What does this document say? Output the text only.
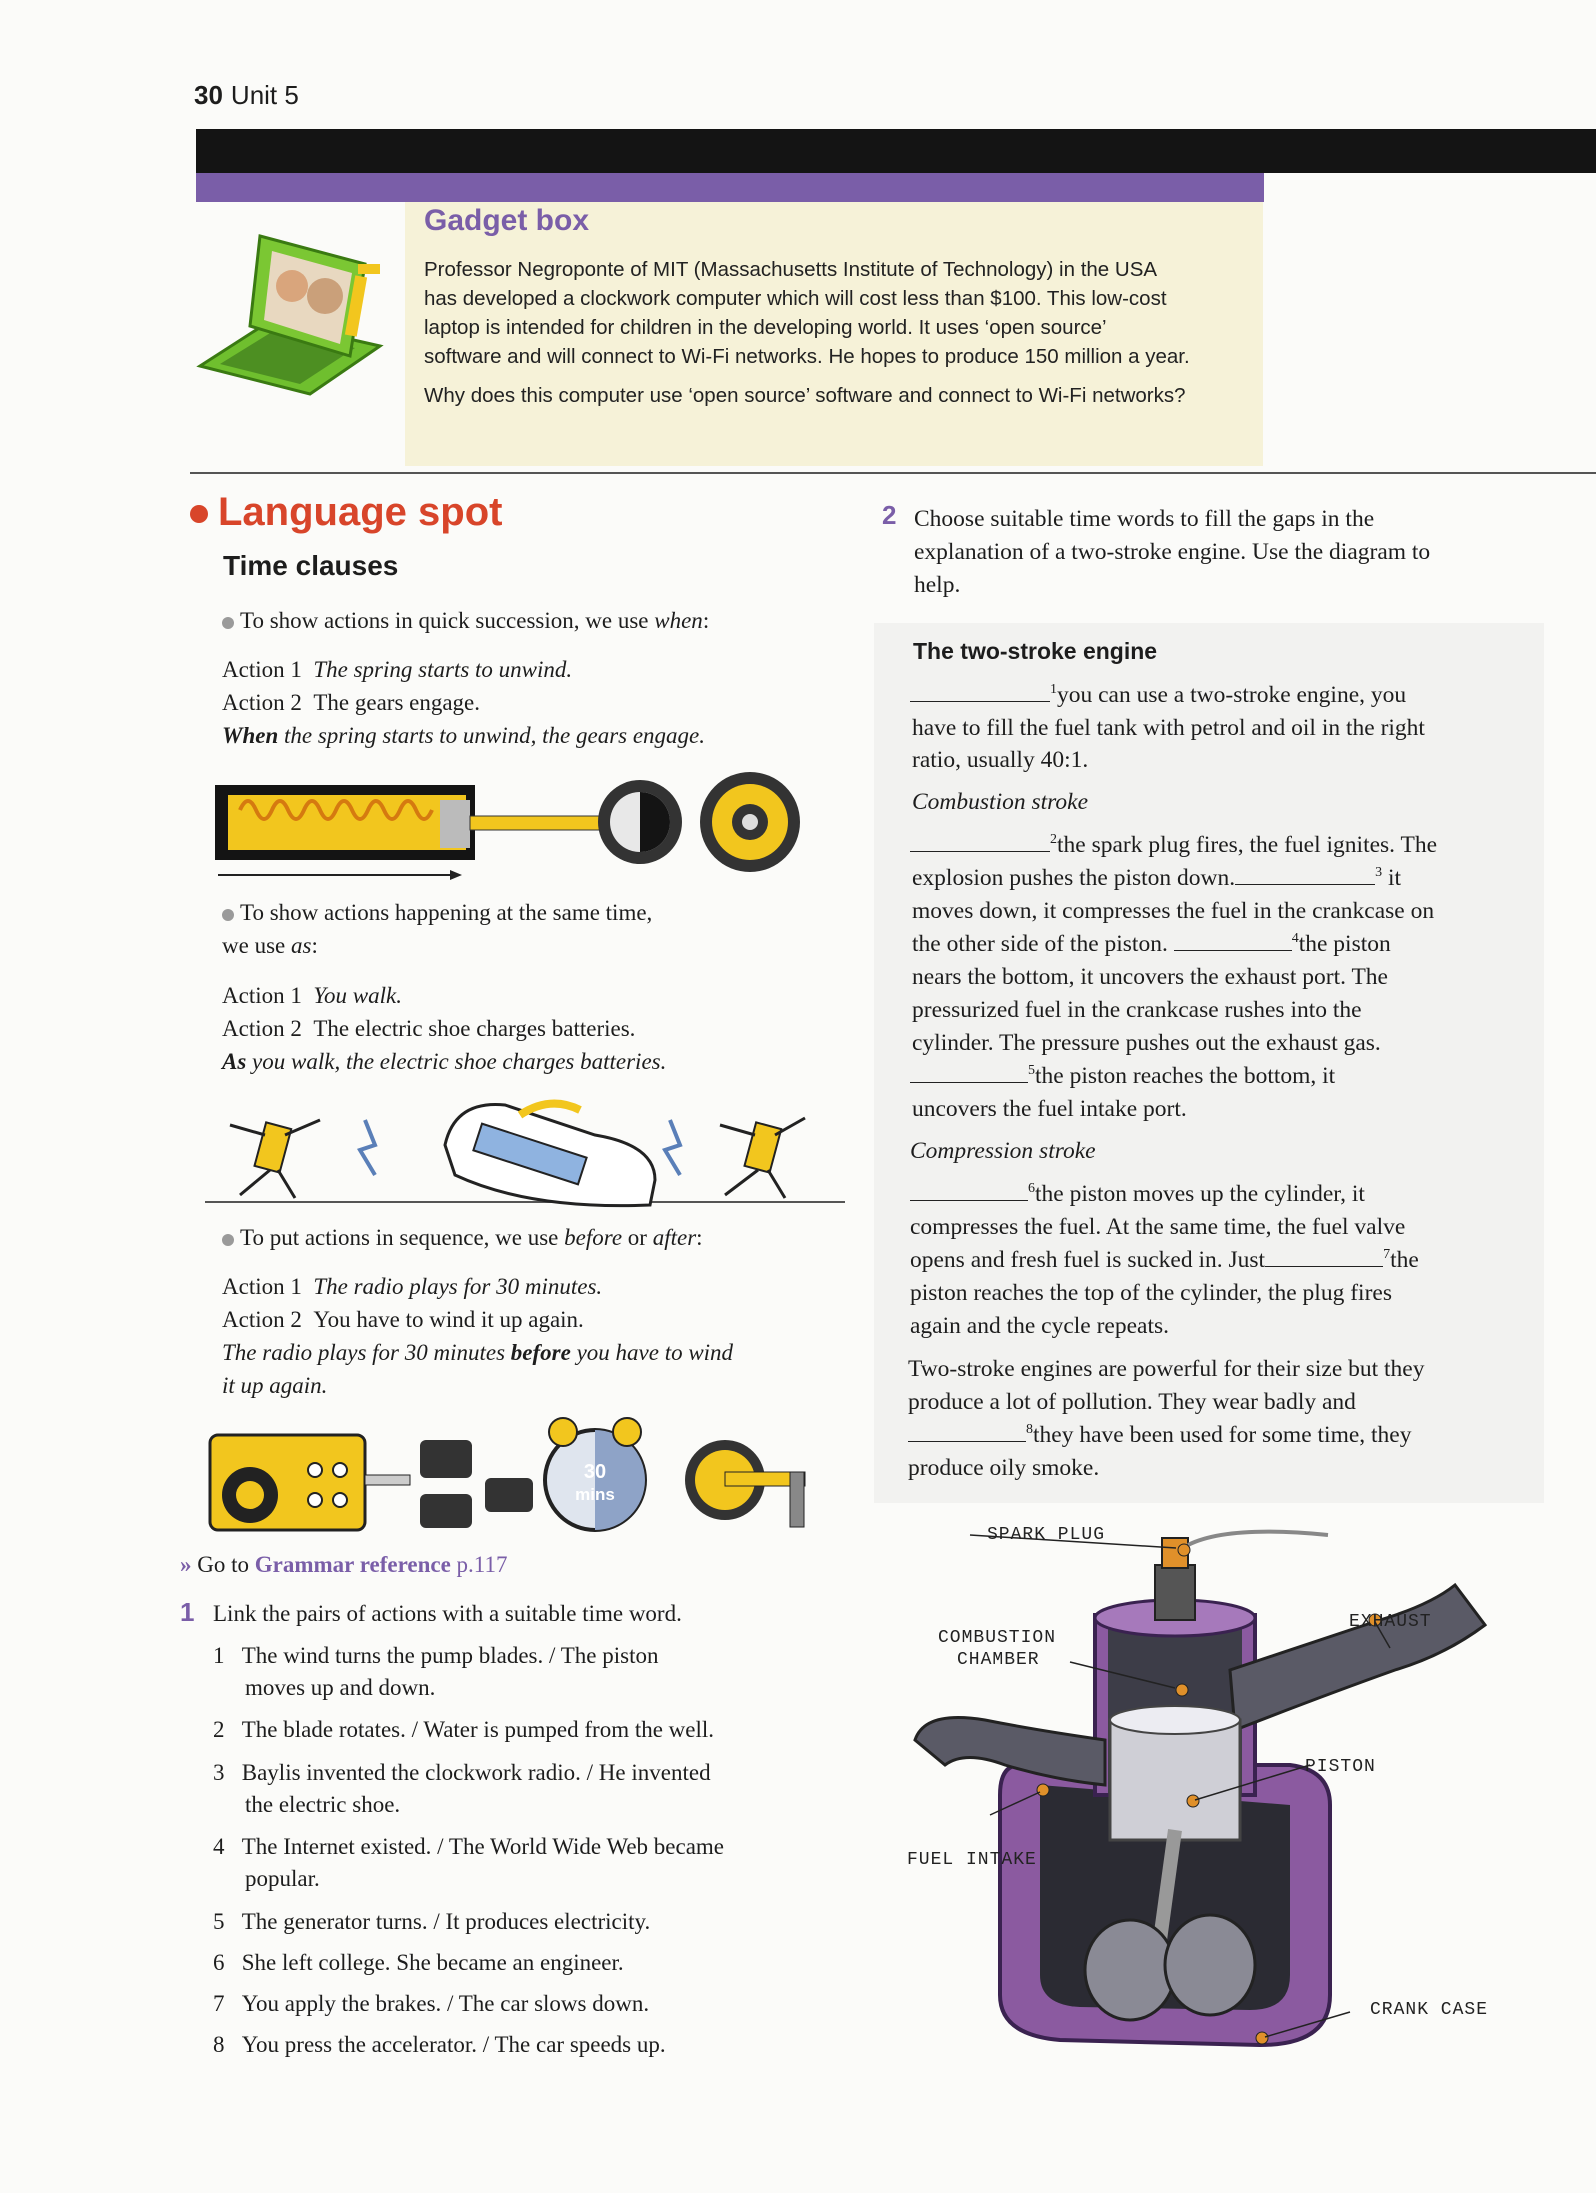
30 Unit 5
Gadget box
Professor Negroponte of MIT (Massachusetts Institute of Technology) in the USA
has developed a clockwork computer which will cost less than $100. This low-cost
laptop is intended for children in the developing world. It uses ‘open source’
software and will connect to Wi-Fi networks. He hopes to produce 150 million a year.
Why does this computer use ‘open source’ software and connect to Wi-Fi networks?
Language spot
Time clauses
To show actions in quick succession, we use when:
Action 1 The spring starts to unwind.
Action 2 The gears engage.
When the spring starts to unwind, the gears engage.
To show actions happening at the same time,
we use as:
Action 1 You walk.
Action 2 The electric shoe charges batteries.
As you walk, the electric shoe charges batteries.
To put actions in sequence, we use before or after:
Action 1 The radio plays for 30 minutes.
Action 2 You have to wind it up again.
The radio plays for 30 minutes before you have to wind
it up again.
30
mins
» Go to Grammar reference p.117
1 Link the pairs of actions with a suitable time word.
1 The wind turns the pump blades. / The piston
moves up and down.
2 The blade rotates. / Water is pumped from the well.
3 Baylis invented the clockwork radio. / He invented
the electric shoe.
4 The Internet existed. / The World Wide Web became
popular.
5 The generator turns. / It produces electricity.
6 She left college. She became an engineer.
7 You apply the brakes. / The car slows down.
8 You press the accelerator. / The car speeds up.
2 Choose suitable time words to fill the gaps in the
explanation of a two-stroke engine. Use the diagram to
help.
The two-stroke engine
$^1$you can use a two-stroke engine, you
have to fill the fuel tank with petrol and oil in the right
ratio, usually 40:1.
Combustion stroke
$^2$the spark plug fires, the fuel ignites. The
explosion pushes the piston down.	$^3$ it
moves down, it compresses the fuel in the crankcase on
the other side of the piston.	$^4$the piston
nears the bottom, it uncovers the exhaust port. The
pressurized fuel in the crankcase rushes into the
cylinder. The pressure pushes out the exhaust gas.
$^5$the piston reaches the bottom, it
uncovers the fuel intake port.
Compression stroke
$^6$the piston moves up the cylinder, it
compresses the fuel. At the same time, the fuel valve
opens and fresh fuel is sucked in. Just	$^7$the
piston reaches the top of the cylinder, the plug fires
again and the cycle repeats.
Two-stroke engines are powerful for their size but they
produce a lot of pollution. They wear badly and
$^8$they have been used for some time, they
produce oily smoke.
SPARK PLUG
COMBUSTION
CHAMBER
EXHAUST
PISTON
FUEL INTAKE
CRANK CASE
